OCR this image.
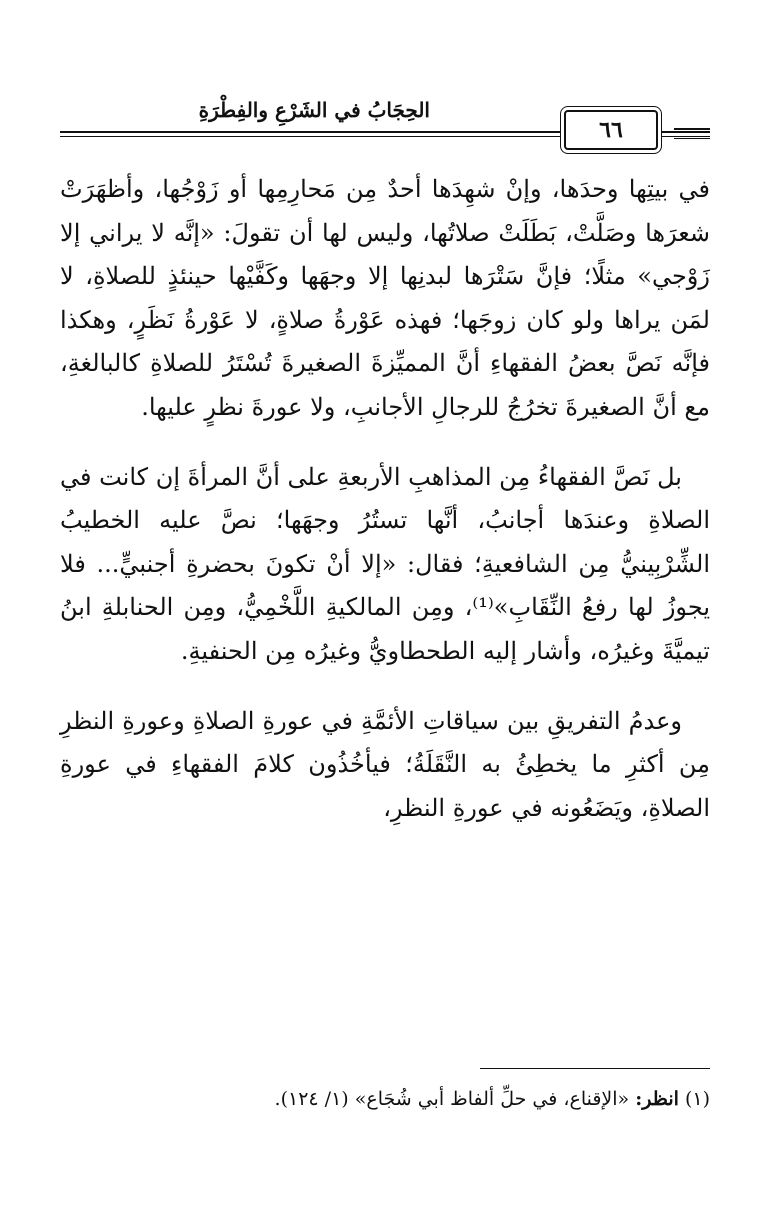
الحِجَابُ في الشَرْعِ والفِطْرَةِ
٦٦

في بيتِها وحدَها، وإنْ شهِدَها أحدٌ مِن مَحارِمِها أو زَوْجُها، وأظهَرَتْ شعرَها وصَلَّتْ، بَطَلَتْ صلاتُها، وليس لها أن تقولَ: «إنَّه لا يراني إلا زَوْجي» مثلًا؛ فإنَّ سَتْرَها لبدنِها إلا وجهَها وكَفَّيْها حينئذٍ للصلاةِ، لا لمَن يراها ولو كان زوجَها؛ فهذه عَوْرةُ صلاةٍ، لا عَوْرةُ نَظَرٍ، وهكذا فإنَّه نَصَّ بعضُ الفقهاءِ أنَّ المميِّزةَ الصغيرةَ تُسْتَرُ للصلاةِ كالبالغةِ، مع أنَّ الصغيرةَ تخرُجُ للرجالِ الأجانبِ، ولا عورةَ نظرٍ عليها.

بل نَصَّ الفقهاءُ مِن المذاهبِ الأربعةِ على أنَّ المرأةَ إن كانت في الصلاةِ وعندَها أجانبُ، أنَّها تستُرُ وجهَها؛ نصَّ عليه الخطيبُ الشِّرْبِينيُّ مِن الشافعيةِ؛ فقال: «إلا أنْ تكونَ بحضرةِ أجنبيٍّ... فلا يجوزُ لها رفعُ النِّقَابِ»⁽¹⁾، ومِن المالكيةِ اللَّخْمِيُّ، ومِن الحنابلةِ ابنُ تيميَّةَ وغيرُه، وأشار إليه الطحطاويُّ وغيرُه مِن الحنفيةِ.

وعدمُ التفريقِ بين سياقاتِ الأئمَّةِ في عورةِ الصلاةِ وعورةِ النظرِ مِن أكثرِ ما يخطِئُ به النَّقَلَةُ؛ فيأخُذُون كلامَ الفقهاءِ في عورةِ الصلاةِ، ويَضَعُونه في عورةِ النظرِ،

(١) انظر: «الإقناع، في حلِّ ألفاظ أبي شُجَاع» (١/ ١٢٤).
